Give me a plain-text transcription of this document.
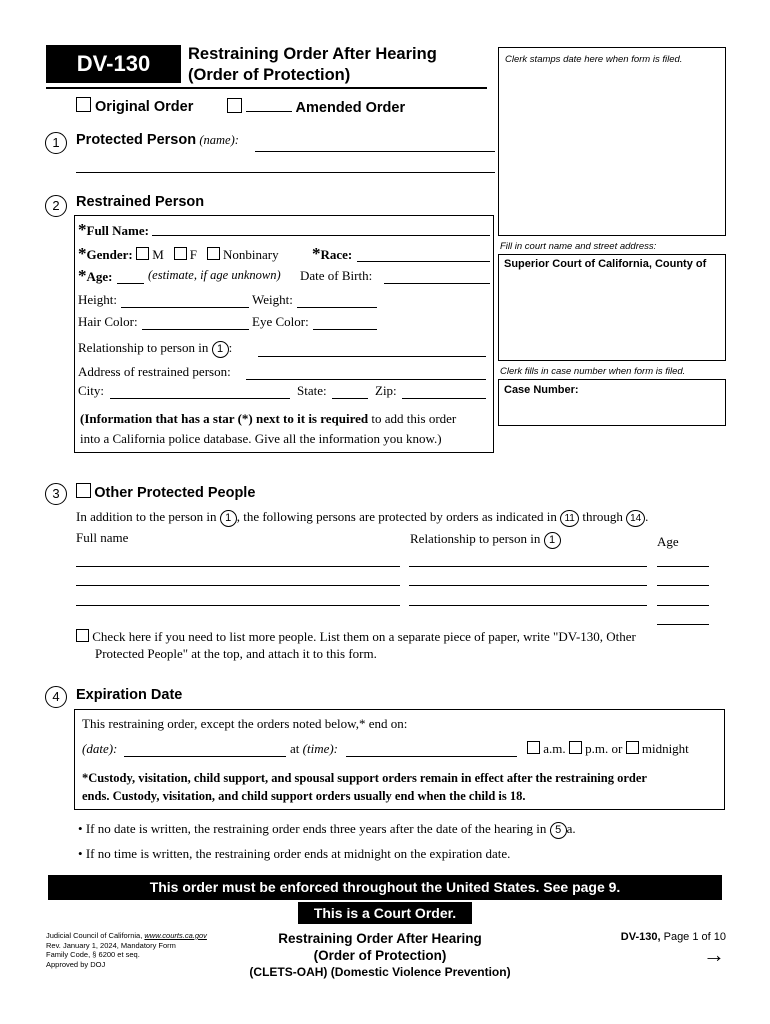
DV-130	Restraining Order After Hearing
(Order of Protection)
Clerk stamps date here when form is filed.
Fill in court name and street address:
Superior Court of California, County of
Clerk fills in case number when form is filed.
Case Number:
Original Order	Amended Order
1	Protected Person (name):
2	Restrained Person
*Full Name:
*Gender: M F Nonbinary *Race:
*Age:	(estimate, if age unknown) Date of Birth:
Height:	Weight:
Hair Color:	Eye Color:
Relationship to person in 1 :
Address of restrained person:
City:	State:	Zip:
(Information that has a star (*) next to it is required to add this order
into a California police database. Give all the information you know.)
3	Other Protected People
In addition to the person in 1 , the following persons are protected by orders as indicated in 11 through 14 .
Full name	Relationship to person in 1	Age
Check here if you need to list more people. List them on a separate piece of paper, write "DV-130, Other
Protected People" at the top, and attach it to this form.
4	Expiration Date
This restraining order, except the orders noted below,* end on:
(date):	at (time):	a.m. p.m. or midnight
*Custody, visitation, child support, and spousal support orders remain in effect after the restraining order
ends. Custody, visitation, and child support orders usually end when the child is 18.
• If no date is written, the restraining order ends three years after the date of the hearing in 5 a.
• If no time is written, the restraining order ends at midnight on the expiration date.
This order must be enforced throughout the United States. See page 9.
This is a Court Order.
Judicial Council of California, www.courts.ca.gov
Rev. January 1, 2024, Mandatory Form
Family Code, § 6200 et seq.
Approved by DOJ
Restraining Order After Hearing
(Order of Protection)
(CLETS-OAH) (Domestic Violence Prevention)
DV-130, Page 1 of 10
→
